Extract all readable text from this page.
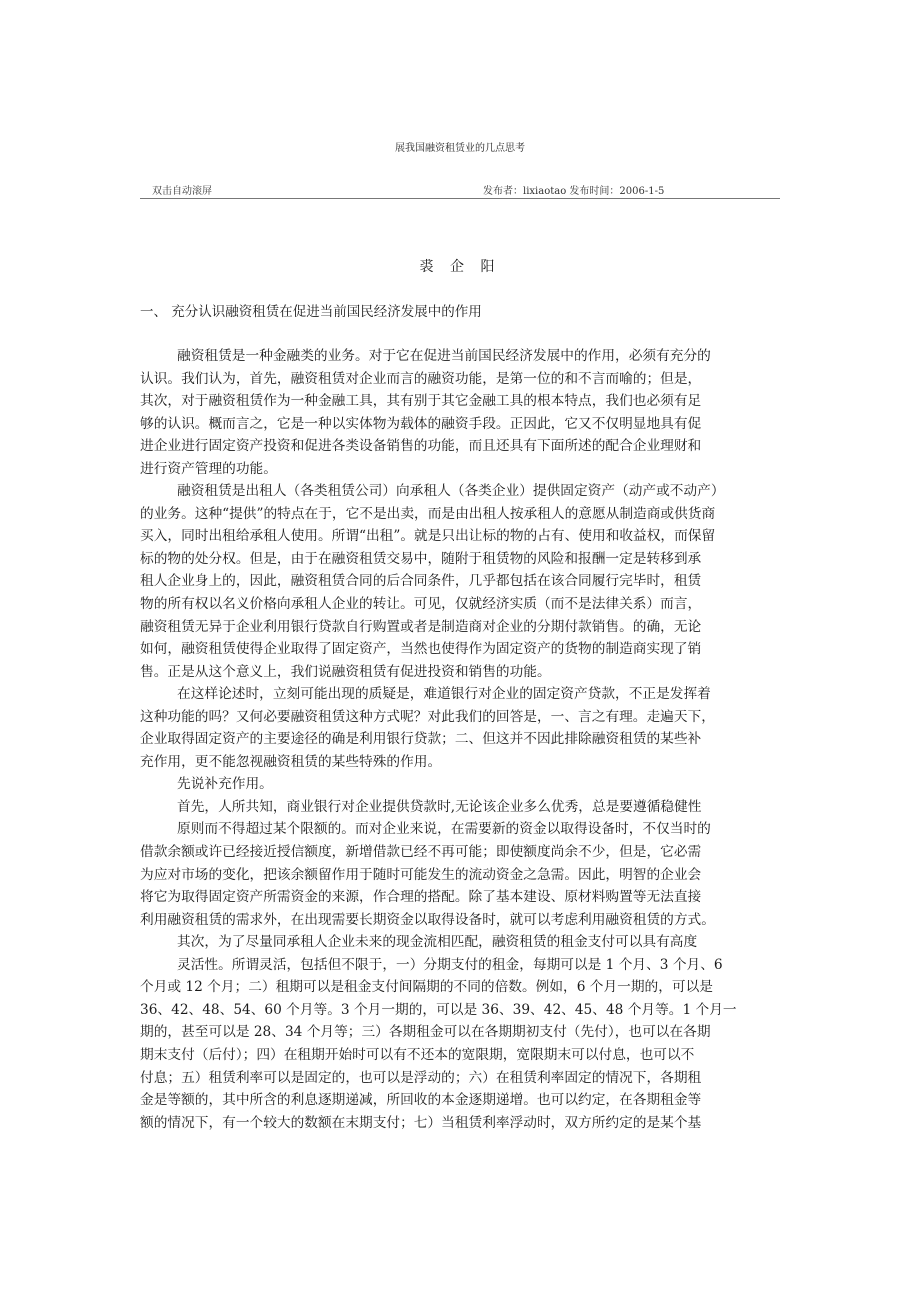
展我国融资租赁业的几点思考
双击自动滚屏	发布者：lixiaotao 发布时间：2006-1-5
裘 企 阳
一、 充分认识融资租赁在促进当前国民经济发展中的作用
融资租赁是一种金融类的业务。对于它在促进当前国民经济发展中的作用，必须有充分的
认识。我们认为，首先，融资租赁对企业而言的融资功能，是第一位的和不言而喻的；但是，
其次，对于融资租赁作为一种金融工具，其有别于其它金融工具的根本特点，我们也必须有足
够的认识。概而言之，它是一种以实体物为载体的融资手段。正因此，它又不仅明显地具有促
进企业进行固定资产投资和促进各类设备销售的功能，而且还具有下面所述的配合企业理财和
进行资产管理的功能。
融资租赁是出租人（各类租赁公司）向承租人（各类企业）提供固定资产（动产或不动产）
的业务。这种“提供”的特点在于，它不是出卖，而是由出租人按承租人的意愿从制造商或供货商
买入，同时出租给承租人使用。所谓“出租”。就是只出让标的物的占有、使用和收益权，而保留
标的物的处分权。但是，由于在融资租赁交易中，随附于租赁物的风险和报酬一定是转移到承
租人企业身上的，因此，融资租赁合同的后合同条件，几乎都包括在该合同履行完毕时，租赁
物的所有权以名义价格向承租人企业的转让。可见，仅就经济实质（而不是法律关系）而言，
融资租赁无异于企业利用银行贷款自行购置或者是制造商对企业的分期付款销售。的确，无论
如何，融资租赁使得企业取得了固定资产，当然也使得作为固定资产的货物的制造商实现了销
售。正是从这个意义上，我们说融资租赁有促进投资和销售的功能。
在这样论述时，立刻可能出现的质疑是，难道银行对企业的固定资产贷款，不正是发挥着
这种功能的吗？又何必要融资租赁这种方式呢？对此我们的回答是，一、言之有理。走遍天下，
企业取得固定资产的主要途径的确是利用银行贷款；二、但这并不因此排除融资租赁的某些补
充作用，更不能忽视融资租赁的某些特殊的作用。
先说补充作用。
首先，人所共知，商业银行对企业提供贷款时,无论该企业多么优秀，总是要遵循稳健性
原则而不得超过某个限额的。而对企业来说，在需要新的资金以取得设备时，不仅当时的
借款余额或许已经接近授信额度，新增借款已经不再可能；即使额度尚余不少，但是，它必需
为应对市场的变化，把该余额留作用于随时可能发生的流动资金之急需。因此，明智的企业会
将它为取得固定资产所需资金的来源，作合理的搭配。除了基本建设、原材料购置等无法直接
利用融资租赁的需求外，在出现需要长期资金以取得设备时，就可以考虑利用融资租赁的方式。
其次，为了尽量同承租人企业未来的现金流相匹配，融资租赁的租金支付可以具有高度
灵活性。所谓灵活，包括但不限于，一）分期支付的租金，每期可以是 1 个月、3 个月、6
个月或 12 个月；二）租期可以是租金支付间隔期的不同的倍数。例如，6 个月一期的，可以是
36、42、48、54、60 个月等。3 个月一期的，可以是 36、39、42、45、48 个月等。1 个月一
期的，甚至可以是 28、34 个月等；三）各期租金可以在各期期初支付（先付），也可以在各期
期末支付（后付）；四）在租期开始时可以有不还本的宽限期，宽限期末可以付息，也可以不
付息；五）租赁利率可以是固定的，也可以是浮动的；六）在租赁利率固定的情况下，各期租
金是等额的，其中所含的利息逐期递减，所回收的本金逐期递增。也可以约定，在各期租金等
额的情况下，有一个较大的数额在末期支付；七）当租赁利率浮动时，双方所约定的是某个基
